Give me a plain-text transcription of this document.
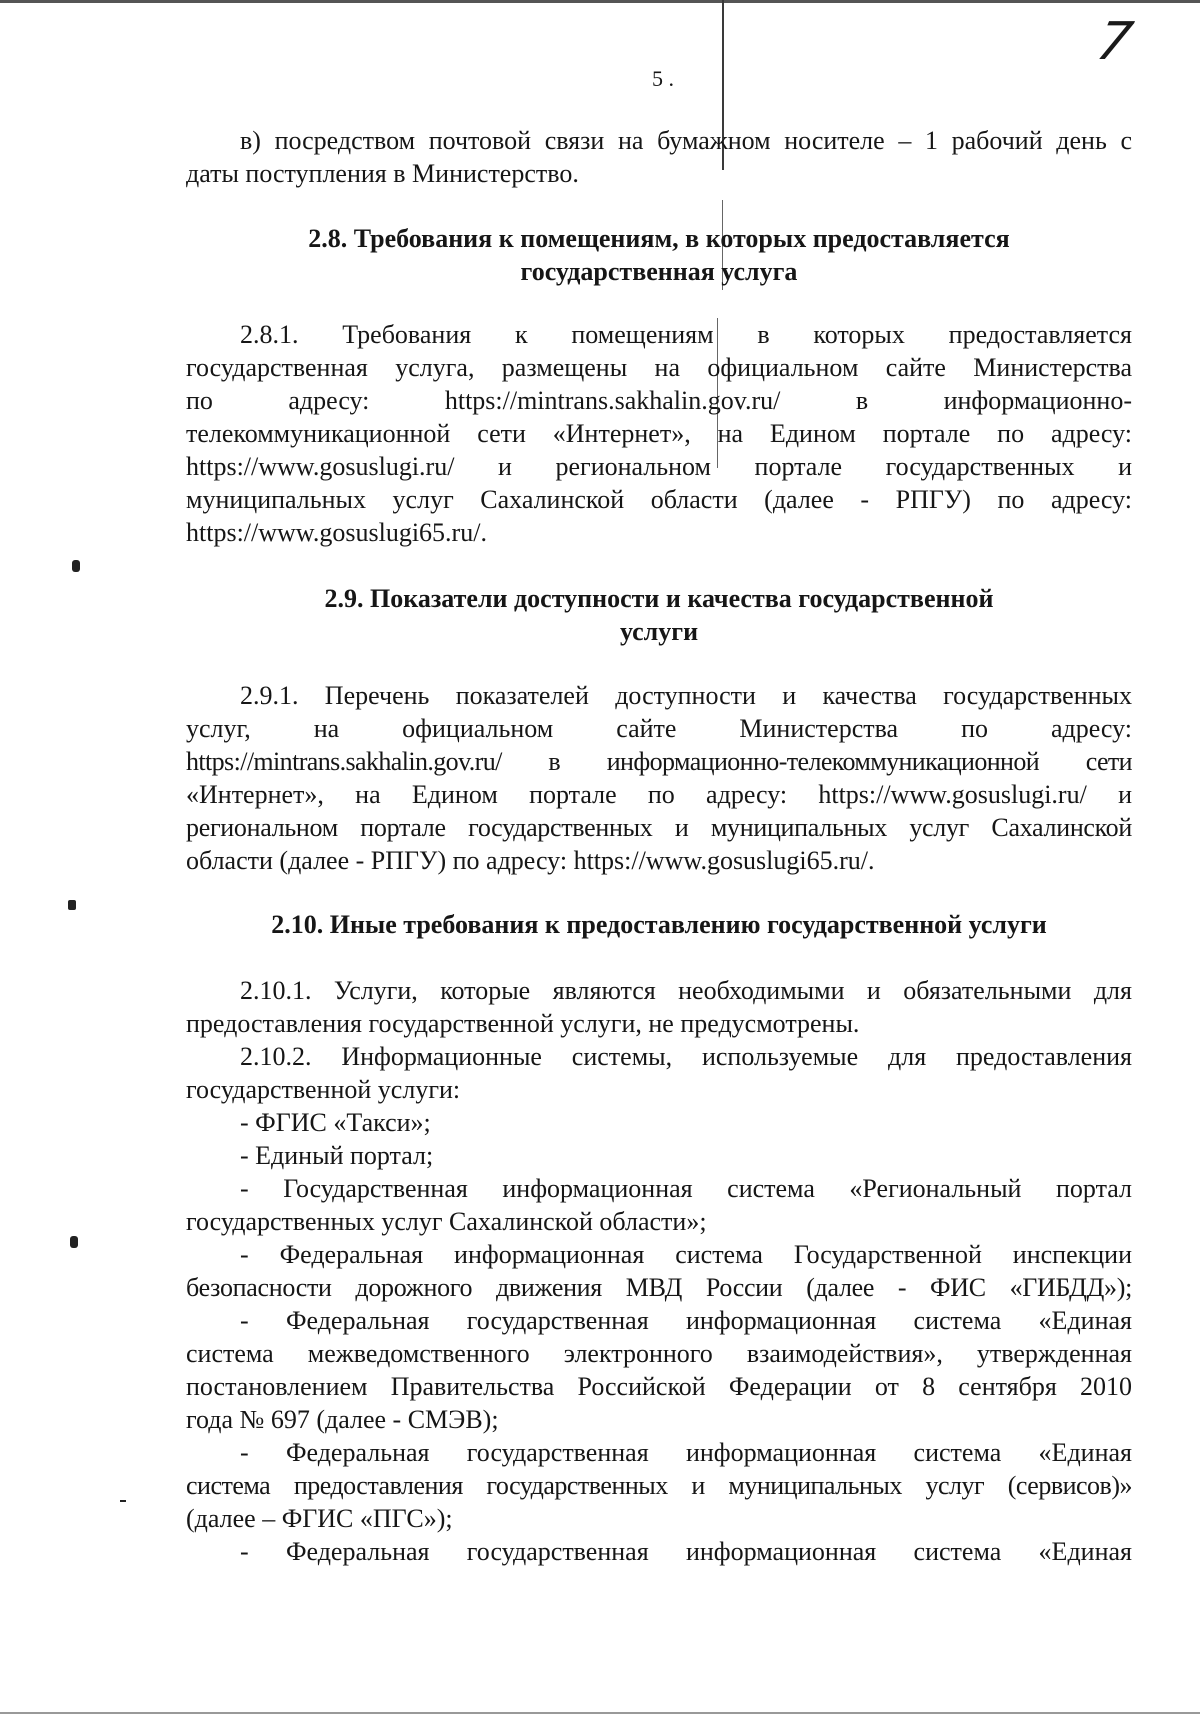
7
5 .
в) посредством почтовой связи на бумажном носителе – 1 рабочий день с
даты поступления в Министерство.
2.8. Требования к помещениям, в которых предоставляется
государственная услуга
2.8.1. Требования к помещениям в которых предоставляется
государственная услуга, размещены на официальном сайте Министерства
по адресу: https://mintrans.sakhalin.gov.ru/ в информационно-
телекоммуникационной сети «Интернет», на Едином портале по адресу:
https://www.gosuslugi.ru/ и региональном портале государственных и
муниципальных услуг Сахалинской области (далее - РПГУ) по адресу:
https://www.gosuslugi65.ru/.
2.9. Показатели доступности и качества государственной
услуги
2.9.1. Перечень показателей доступности и качества государственных
услуг, на официальном сайте Министерства по адресу:
https://mintrans.sakhalin.gov.ru/ в информационно-телекоммуникационной сети
«Интернет», на Едином портале по адресу: https://www.gosuslugi.ru/ и
региональном портале государственных и муниципальных услуг Сахалинской
области (далее - РПГУ) по адресу: https://www.gosuslugi65.ru/.
2.10. Иные требования к предоставлению государственной услуги
2.10.1. Услуги, которые являются необходимыми и обязательными для
предоставления государственной услуги, не предусмотрены.
2.10.2. Информационные системы, используемые для предоставления
государственной услуги:
- ФГИС «Такси»;
- Единый портал;
- Государственная информационная система «Региональный портал
государственных услуг Сахалинской области»;
- Федеральная информационная система Государственной инспекции
безопасности дорожного движения МВД России (далее - ФИС «ГИБДД»);
- Федеральная государственная информационная система «Единая
система межведомственного электронного взаимодействия», утвержденная
постановлением Правительства Российской Федерации от 8 сентября 2010
года № 697 (далее - СМЭВ);
- Федеральная государственная информационная система «Единая
система предоставления государственных и муниципальных услуг (сервисов)»
(далее – ФГИС «ПГС»);
- Федеральная государственная информационная система «Единая
